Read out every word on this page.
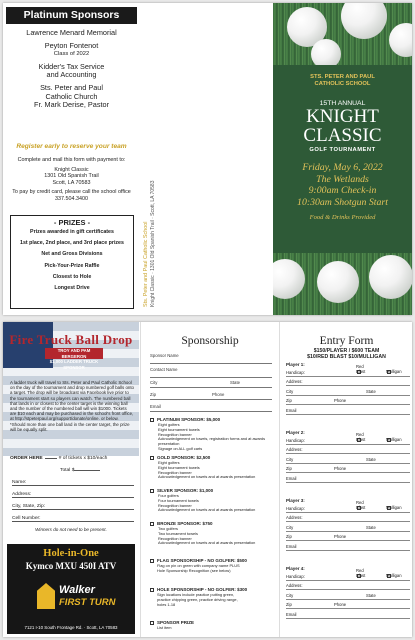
Platinum Sponsors
Lawrence Menard Memorial
Peyton Fontenot
Class of 2022
Kidder's Tax Service
and Accounting
Sts. Peter and Paul
Catholic Church
Fr. Mark Derise, Pastor
Register early to reserve your team

Complete and mail this form with payment to:

Knight Classic
1301 Old Spanish Trail
Scott, LA 70583

To pay by credit card, please call the school office
337.504.3400

- PRIZES -
Prizes awarded in gift certificates
1st place, 2nd place, and 3rd place prizes
Net and Gross Divisions
Pick-Your-Prize Raffle
Closest to Hole
Longest Drive	Sts. Peter and Paul Catholic School Knight Classic · 1301 Old Spanish Trail · Scott, LA 70583
STS. PETER AND PAUL
CATHOLIC SCHOOL
15TH ANNUAL
KNIGHT
CLASSIC
GOLF TOURNAMENT
Friday, May 6, 2022
The Wetlands
9:00am Check-in
10:30am Shotgun Start
Food & Drinks Provided
Fire Truck Ball Drop
TROY AND PAM BERGERON
$1,000 LADDER TRUCK SPONSOR
A ladder truck will travel to Sts. Peter and Paul Catholic School on the day of the tournament and drop numbered golf balls onto a target. The drop will be broadcast via Facebook live prior to the tournament start so players can watch. The numbered ball that lands in or closest to the center target is the winning ball and the number of the numbered ball will win $1000. Tickets are $10 each and may be purchased in the school's front office, at http://stpeterpaul.org/support/donate/online. or below. *Should more than one ball land in the center target, the prize will be equally split.
ORDER HERE	# of tickets x $10/each
Total $
Name:
Address:
City, State, Zip:
Cell Number:
Winners do not need to be present.
Hole-in-One
Kymco MXU 450I ATV
Walker
FIRST TURN
7121 I-10 South Frontage Rd. · Scott, LA 70583
Sponsorship
Sponsor Name
Contact Name
City	State
Zip	Phone
Email
PLATINUM SPONSOR: $5,000
Eight golfers
Eight tournament towels
Recognition banner
Acknowledgement on towels, registration forms and at awards presentation
Signage on ALL golf carts
GOLD SPONSOR: $2,500
Eight golfers
Eight tournament towels
Recognition banner
Acknowledgement on towels and at awards presentation
SILVER SPONSOR: $1,000
Four golfers
Four tournament towels
Recognition banner
Acknowledgement on towels and at awards presentation
BRONZE SPONSOR: $750
Two golfers
Two tournament towels
Recognition banner
Acknowledgement on towels and at awards presentation
FLAG SPONSORSHIP - NO GOLFER: $500
Flag on pin on green with company name PLUS
Hole Sponsorship Recognition (see below)
HOLE SPONSORSHIP - NO GOLFER: $300
Sign locations include practice putting green,
practice chipping green, practice driving range,
holes 1-18
SPONSOR PRIZE
List item
Entry Form
$150/PLAYER / $600 TEAM
$10/RED BLAST $10/MULLIGAN
Player 1:
Handicap:
Red Blast	Mulligan
Address:
City	State
Zip	Phone
Email
Player 2:
Handicap:
Red Blast	Mulligan
Address:
City	State
Zip	Phone
Email
Player 3:
Handicap:
Red Blast	Mulligan
Address:
City	State
Zip	Phone
Email
Player 4:
Handicap:
Red Blast	Mulligan
Address:
City	State
Zip	Phone
Email
